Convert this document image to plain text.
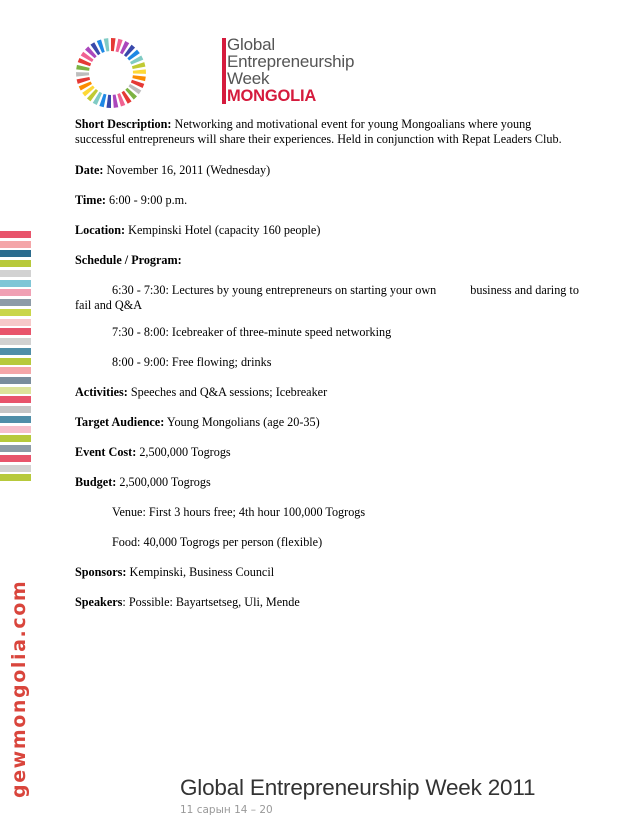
Global
Entrepreneurship
Week
MONGOLIA
gewmongolia.com
Short Description: Networking and motivational event for young Mongoalians where young successful entrepreneurs will share their experiences. Held in conjunction with Repat Leaders Club.
Date: November 16, 2011 (Wednesday)
Time: 6:00 - 9:00 p.m.
Location: Kempinski Hotel (capacity 160 people)
Schedule / Program:
6:30 - 7:30: Lectures by young entrepreneurs on starting your own	business and daring to
fail and Q&A
7:30 - 8:00: Icebreaker of three-minute speed networking
8:00 - 9:00: Free flowing; drinks
Activities: Speeches and Q&A sessions; Icebreaker
Target Audience: Young Mongolians (age 20-35)
Event Cost: 2,500,000 Togrogs
Budget: 2,500,000 Togrogs
Venue: First 3 hours free; 4th hour 100,000 Togrogs
Food: 40,000 Togrogs per person (flexible)
Sponsors: Kempinski, Business Council
Speakers: Possible: Bayartsetseg, Uli, Mende
Global Entrepreneurship Week 2011
11 сарын 14 – 20
